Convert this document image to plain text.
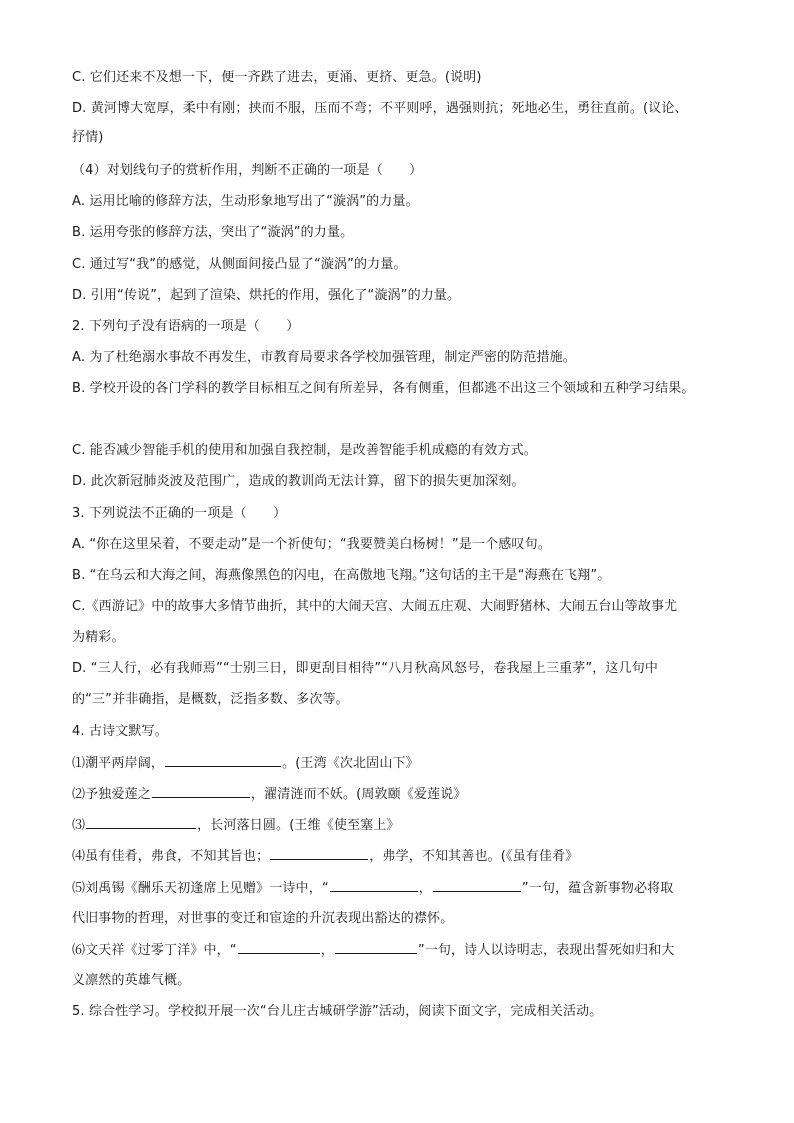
C. 它们还来不及想一下，便一齐跌了进去，更涌、更挤、更急。(说明)
D. 黄河博大宽厚，柔中有刚；挟而不服，压而不弯；不平则呼，遇强则抗；死地必生，勇往直前。(议论、
抒情)
（4）对划线句子的赏析作用，判断不正确的一项是（　　）
A. 运用比喻的修辞方法，生动形象地写出了“漩涡”的力量。
B. 运用夸张的修辞方法，突出了“漩涡”的力量。
C. 通过写“我”的感觉，从侧面间接凸显了“漩涡”的力量。
D. 引用“传说”，起到了渲染、烘托的作用，强化了“漩涡”的力量。
2. 下列句子没有语病的一项是（　　）
A. 为了杜绝溺水事故不再发生，市教育局要求各学校加强管理，制定严密的防范措施。
B. 学校开设的各门学科的教学目标相互之间有所差异，各有侧重，但都逃不出这三个领域和五种学习结果。
C. 能否减少智能手机的使用和加强自我控制，是改善智能手机成瘾的有效方式。
D. 此次新冠肺炎波及范围广，造成的教训尚无法计算，留下的损失更加深刻。
3. 下列说法不正确的一项是（　　）
A. “你在这里呆着，不要走动”是一个祈使句；“我要赞美白杨树！”是一个感叹句。
B. “在乌云和大海之间，海燕像黑色的闪电，在高傲地飞翔。”这句话的主干是“海燕在飞翔”。
C.《西游记》中的故事大多情节曲折，其中的大闹天宫、大闹五庄观、大闹野猪林、大闹五台山等故事尤
为精彩。
D. “三人行，必有我师焉”“士别三日，即更刮目相待”“八月秋高风怒号，卷我屋上三重茅”，这几句中
的“三”并非确指，是概数，泛指多数、多次等。
4. 古诗文默写。
⑴潮平两岸阔，	。(王湾《次北固山下》
⑵予独爱莲之	，濯清涟而不妖。(周敦颐《爱莲说》
⑶	，长河落日圆。(王维《使至塞上》
⑷虽有佳肴，弗食，不知其旨也；	，弗学，不知其善也。(《虽有佳肴》
⑸刘禹锡《酬乐天初逢席上见赠》一诗中，“	，	”一句，蕴含新事物必将取
代旧事物的哲理，对世事的变迁和宦途的升沉表现出豁达的襟怀。
⑹文天祥《过零丁洋》中，“	，	”一句，诗人以诗明志，表现出誓死如归和大
义凛然的英雄气概。
5. 综合性学习。学校拟开展一次“台儿庄古城研学游”活动，阅读下面文字，完成相关活动。
